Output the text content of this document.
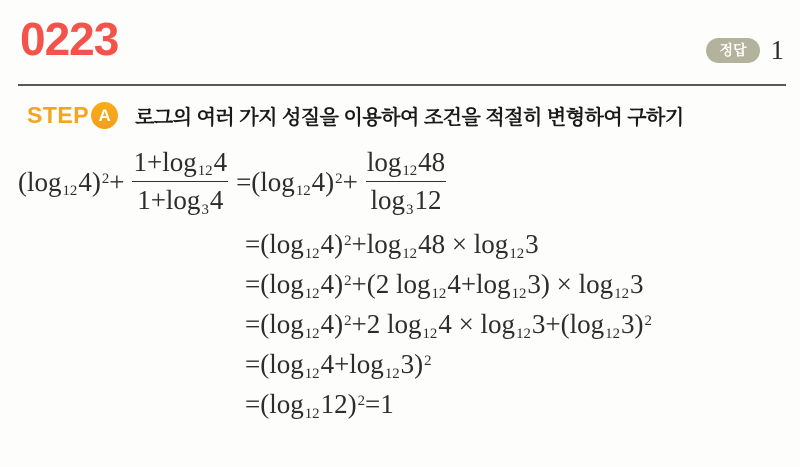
0223	정답 1
STEP A	로그의 여러 가지 성질을 이용하여 조건을 적절히 변형하여 구하기
$(\log_{12}4)^2+ \frac{1+\log_{12}4}{1+\log_34} =(\log_{12}4)^2+ \frac{\log_{12}48}{\log_312}$
$=(\log_{12}4)^2+\log_{12}48 \times \log_{12}3$
$=(\log_{12}4)^2+(2$ $\log_{12}4+\log_{12}3) \times \log_{12}3$
$=(\log_{12}4)^2+2$ $\log_{12}4 \times \log_{12}3+(\log_{12}3)^2$
$=(\log_{12}4+\log_{12}3)^2$
$=(\log_{12}12)^2=1$
